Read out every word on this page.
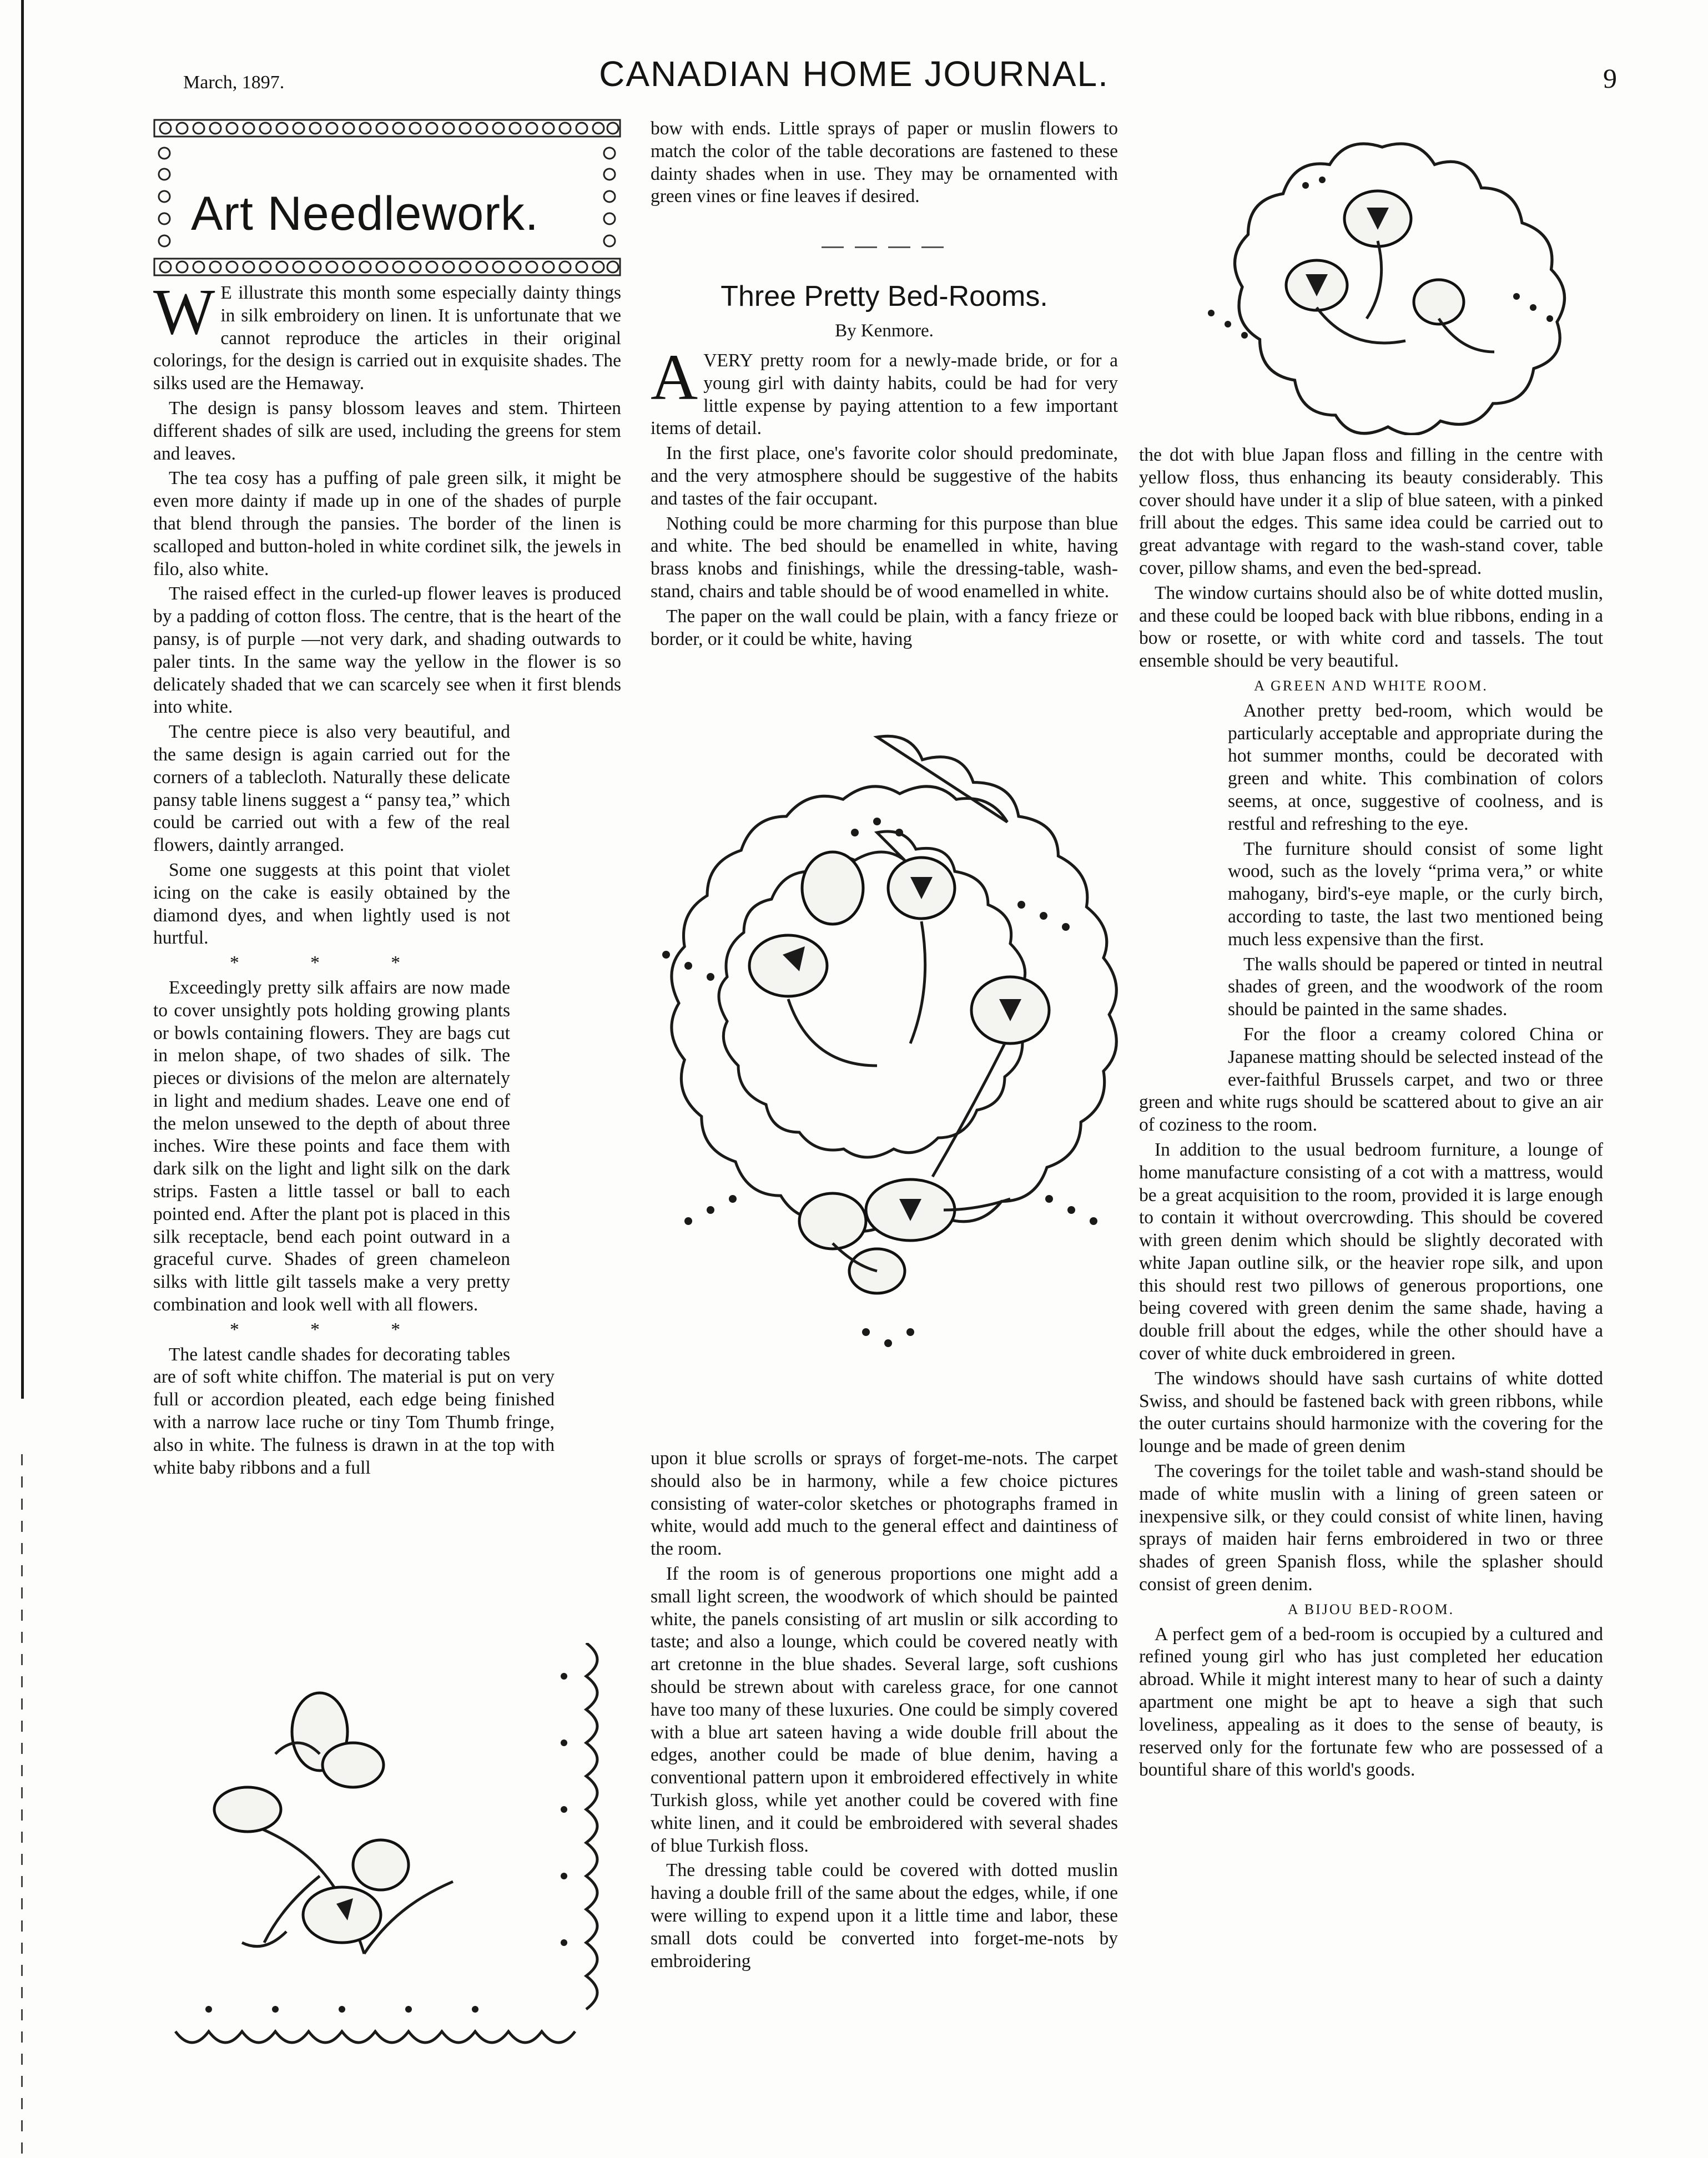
March, 1897.	CANADIAN HOME JOURNAL.	9
Art Needlework.

W E illustrate this month some especially dainty things in silk embroidery on linen. It is unfortunate that we cannot reproduce the articles in their original colorings, for the design is carried out in exquisite shades. The silks used are the Hemaway.

The design is pansy blossom leaves and stem. Thirteen different shades of silk are used, including the greens for stem and leaves.

The tea cosy has a puffing of pale green silk, it might be even more dainty if made up in one of the shades of purple that blend through the pansies. The border of the linen is scalloped and button-holed in white cordinet silk, the jewels in filo, also white.

The raised effect in the curled-up flower leaves is produced by a padding of cotton floss. The centre, that is the heart of the pansy, is of purple —not very dark, and shading outwards to paler tints. In the same way the yellow in the flower is so delicately shaded that we can scarcely see when it first blends into white.

The centre piece is also very beautiful, and the same design is again carried out for the corners of a tablecloth. Naturally these delicate pansy table linens suggest a “ pansy tea,” which could be carried out with a few of the real flowers, daintly arranged.

Some one suggests at this point that violet icing on the cake is easily obtained by the diamond dyes, and when lightly used is not hurtful.

* * *

Exceedingly pretty silk affairs are now made to cover unsightly pots holding growing plants or bowls containing flowers. They are bags cut in melon shape, of two shades of silk. The pieces or divisions of the melon are alternately in light and medium shades. Leave one end of the melon unsewed to the depth of about three inches. Wire these points and face them with dark silk on the light and light silk on the dark strips. Fasten a little tassel or ball to each pointed end. After the plant pot is placed in this silk receptacle, bend each point outward in a graceful curve. Shades of green chameleon silks with little gilt tassels make a very pretty combination and look well with all flowers.

* * *

The latest candle shades for decorating tables are of soft white chiffon. The material is put on very full or accordion pleated, each edge being finished with a narrow lace ruche or tiny Tom Thumb fringe, also in white. The fulness is drawn in at the top with white baby ribbons and a full

bow with ends. Little sprays of paper or muslin flowers to match the color of the table decorations are fastened to these dainty shades when in use. They may be ornamented with green vines or fine leaves if desired.

Three Pretty Bed-Rooms.
By Kenmore.

AVERY pretty room for a newly-made bride, or for a young girl with dainty habits, could be had for very little expense by paying attention to a few important items of detail.

In the first place, one's favorite color should predominate, and the very atmosphere should be suggestive of the habits and tastes of the fair occupant.

Nothing could be more charming for this purpose than blue and white. The bed should be enamelled in white, having brass knobs and finishings, while the dressing-table, wash-stand, chairs and table should be of wood enamelled in white.

The paper on the wall could be plain, with a fancy frieze or border, or it could be white, having

upon it blue scrolls or sprays of forget-me-nots. The carpet should also be in harmony, while a few choice pictures consisting of water-color sketches or photographs framed in white, would add much to the general effect and daintiness of the room.

If the room is of generous proportions one might add a small light screen, the woodwork of which should be painted white, the panels consisting of art muslin or silk according to taste; and also a lounge, which could be covered neatly with art cretonne in the blue shades. Several large, soft cushions should be strewn about with careless grace, for one cannot have too many of these luxuries. One could be simply covered with a blue art sateen having a wide double frill about the edges, another could be made of blue denim, having a conventional pattern upon it embroidered effectively in white Turkish gloss, while yet another could be covered with fine white linen, and it could be embroidered with several shades of blue Turkish floss.

The dressing table could be covered with dotted muslin having a double frill of the same about the edges, while, if one were willing to expend upon it a little time and labor, these small dots could be converted into forget-me-nots by embroidering

the dot with blue Japan floss and filling in the centre with yellow floss, thus enhancing its beauty considerably. This cover should have under it a slip of blue sateen, with a pinked frill about the edges. This same idea could be carried out to great advantage with regard to the wash-stand cover, table cover, pillow shams, and even the bed-spread.

The window curtains should also be of white dotted muslin, and these could be looped back with blue ribbons, ending in a bow or rosette, or with white cord and tassels. The tout ensemble should be very beautiful.

A GREEN AND WHITE ROOM.

Another pretty bed-room, which would be particularly acceptable and appropriate during the hot summer months, could be decorated with green and white. This combination of colors seems, at once, suggestive of coolness, and is restful and refreshing to the eye.

The furniture should consist of some light wood, such as the lovely “prima vera,” or white mahogany, bird's-eye maple, or the curly birch, according to taste, the last two mentioned being much less expensive than the first.

The walls should be papered or tinted in neutral shades of green, and the woodwork of the room should be painted in the same shades.

For the floor a creamy colored China or Japanese matting should be selected instead of the ever-faithful Brussels carpet, and two or three green and white rugs should be scattered about to give an air of coziness to the room.

In addition to the usual bedroom furniture, a lounge of home manufacture consisting of a cot with a mattress, would be a great acquisition to the room, provided it is large enough to contain it without overcrowding. This should be covered with green denim which should be slightly decorated with white Japan outline silk, or the heavier rope silk, and upon this should rest two pillows of generous proportions, one being covered with green denim the same shade, having a double frill about the edges, while the other should have a cover of white duck embroidered in green.

The windows should have sash curtains of white dotted Swiss, and should be fastened back with green ribbons, while the outer curtains should harmonize with the covering for the lounge and be made of green denim

The coverings for the toilet table and wash-stand should be made of white muslin with a lining of green sateen or inexpensive silk, or they could consist of white linen, having sprays of maiden hair ferns embroidered in two or three shades of green Spanish floss, while the splasher should consist of green denim.

A BIJOU BED-ROOM.

A perfect gem of a bed-room is occupied by a cultured and refined young girl who has just completed her education abroad. While it might interest many to hear of such a dainty apartment one might be apt to heave a sigh that such loveliness, appealing as it does to the sense of beauty, is reserved only for the fortunate few who are possessed of a bountiful share of this world's goods.
